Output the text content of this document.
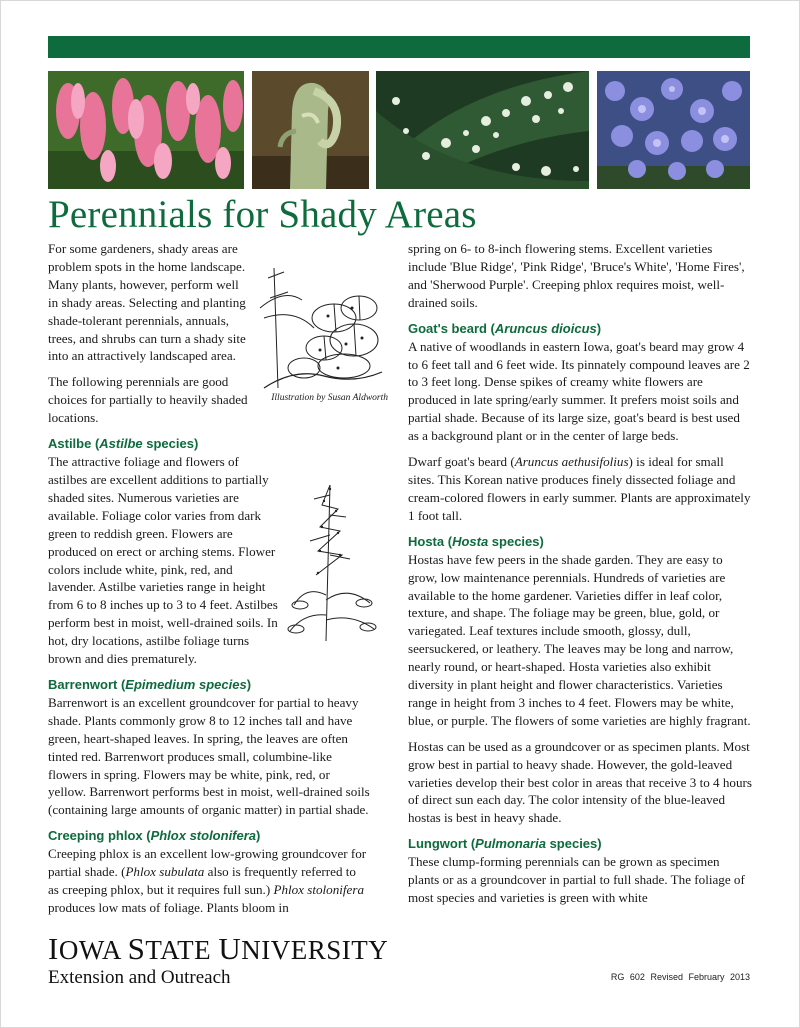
Perennials for Shady Areas
Illustration by Susan Aldworth

For some gardeners, shady areas are problem spots in the home landscape. Many plants, however, perform well in shady areas. Selecting and planting shade-tolerant perennials, annuals, trees, and shrubs can turn a shady site into an attractively landscaped area.

The following perennials are good choices for partially to heavily shaded locations.

Astilbe (Astilbe species)

The attractive foliage and flowers of astilbes are excellent additions to partially shaded sites. Numerous varieties are available. Foliage color varies from dark green to reddish green. Flowers are produced on erect or arching stems. Flower colors include white, pink, red, and lavender. Astilbe varieties range in height from 6 to 8 inches up to 3 to 4 feet. Astilbes perform best in moist, well-drained soils. In hot, dry locations, astilbe foliage turns brown and dies prematurely.

Barrenwort (Epimedium species)

Barrenwort is an excellent groundcover for partial to heavy shade. Plants commonly grow 8 to 12 inches tall and have green, heart-shaped leaves. In spring, the leaves are often tinted red. Barrenwort produces small, columbine-like flowers in spring. Flowers may be white, pink, red, or yellow. Barrenwort performs best in moist, well-drained soils (containing large amounts of organic matter) in partial shade.

Creeping phlox (Phlox stolonifera)

Creeping phlox is an excellent low-growing groundcover for partial shade. (Phlox subulata also is frequently referred to as creeping phlox, but it requires full sun.) Phlox stolonifera produces low mats of foliage. Plants bloom in

spring on 6- to 8-inch flowering stems. Excellent varieties include 'Blue Ridge', 'Pink Ridge', 'Bruce's White', 'Home Fires', and 'Sherwood Purple'. Creeping phlox requires moist, well-drained soils.

Goat's beard (Aruncus dioicus)

A native of woodlands in eastern Iowa, goat's beard may grow 4 to 6 feet tall and 6 feet wide. Its pinnately compound leaves are 2 to 3 feet long. Dense spikes of creamy white flowers are produced in late spring/early summer. It prefers moist soils and partial shade. Because of its large size, goat's beard is best used as a background plant or in the center of large beds.

Dwarf goat's beard (Aruncus aethusifolius) is ideal for small sites. This Korean native produces finely dissected foliage and cream-colored flowers in early summer. Plants are approximately 1 foot tall.

Hosta (Hosta species)

Hostas have few peers in the shade garden. They are easy to grow, low maintenance perennials. Hundreds of varieties are available to the home gardener. Varieties differ in leaf color, texture, and shape. The foliage may be green, blue, gold, or variegated. Leaf textures include smooth, glossy, dull, seersuckered, or leathery. The leaves may be long and narrow, nearly round, or heart-shaped. Hosta varieties also exhibit diversity in plant height and flower characteristics. Varieties range in height from 3 inches to 4 feet. Flowers may be white, blue, or purple. The flowers of some varieties are highly fragrant.

Hostas can be used as a groundcover or as specimen plants. Most grow best in partial to heavy shade. However, the gold-leaved varieties develop their best color in areas that receive 3 to 4 hours of direct sun each day. The color intensity of the blue-leaved hostas is best in heavy shade.

Lungwort (Pulmonaria species)

These clump-forming perennials can be grown as specimen plants or as a groundcover in partial to full shade. The foliage of most species and varieties is green with white

IOWA STATE UNIVERSITY
Extension and Outreach	RG 602 Revised February 2013
